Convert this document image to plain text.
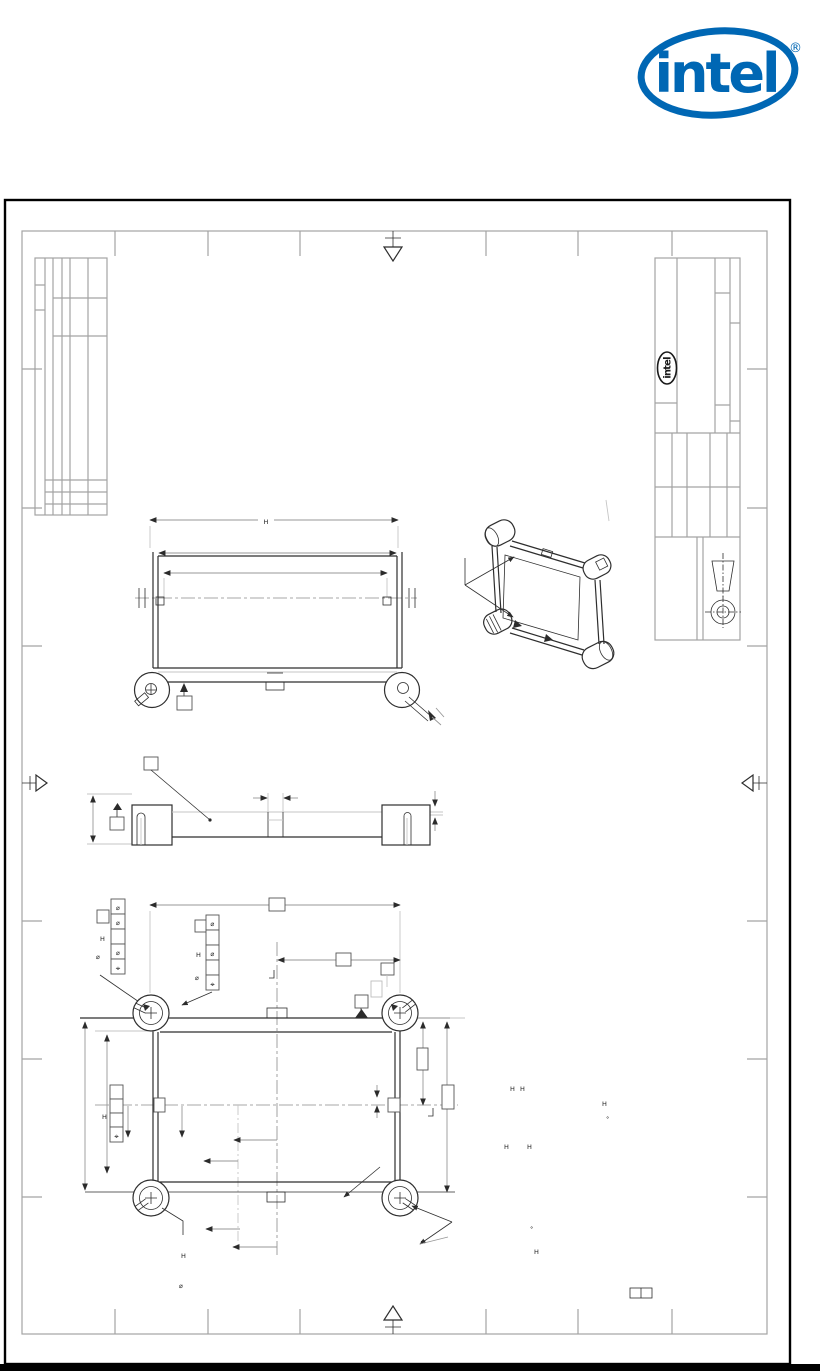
intel ®
intel
H
⌀
⌀
⌀
⌖
H
⌀
⌀
⌀
⌖
H
⌀
⌖
H
H
⌀
H H
H
°
H	H
°
H
